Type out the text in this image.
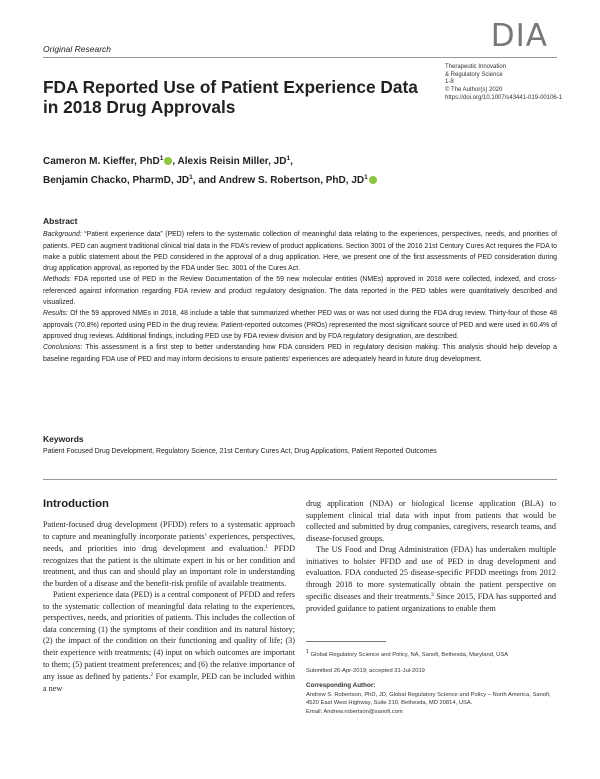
Original Research	DIA
Therapeutic Innovation
& Regulatory Science
1-8
© The Author(s) 2020
https://doi.org/10.1007/s43441-019-00106-1
FDA Reported Use of Patient Experience Data in 2018 Drug Approvals
Cameron M. Kieffer, PhD$^1$ , Alexis Reisin Miller, JD$^1$,
Benjamin Chacko, PharmD, JD$^1$, and Andrew S. Robertson, PhD, JD$^1$
Abstract

Background: “Patient experience data” (PED) refers to the systematic collection of meaningful data relating to the experiences, perspectives, needs, and priorities of patients. PED can augment traditional clinical trial data in the FDA’s review of product applications. Section 3001 of the 2016 21st Century Cures Act requires the FDA to make a public statement about the PED considered in the approval of a drug application. Here, we present one of the first assessments of PED consideration during drug application approval, as reported by the FDA under Sec. 3001 of the Cures Act.

Methods: FDA reported use of PED in the Review Documentation of the 59 new molecular entities (NMEs) approved in 2018 were collected, indexed, and cross-referenced against information regarding FDA review and product regulatory designation. The data reported in the PED tables were quantitatively described and visualized.

Results: Of the 59 approved NMEs in 2018, 48 include a table that summarized whether PED was or was not used during the FDA drug review. Thirty-four of those 48 approvals (70.8%) reported using PED in the drug review. Patient-reported outcomes (PROs) represented the most significant source of PED and were used in 60.4% of approved drug reviews. Additional findings, including PED use by FDA review division and by FDA regulatory designation, are described.

Conclusions: This assessment is a first step to better understanding how FDA considers PED in regulatory decision making. This analysis should help develop a baseline regarding FDA use of PED and may inform decisions to ensure patients’ experiences are adequately heard in future drug development.

Keywords

Patient Focused Drug Development, Regulatory Science, 21st Century Cures Act, Drug Applications, Patient Reported Outcomes

Introduction

Patient-focused drug development (PFDD) refers to a systematic approach to capture and meaningfully incorporate patients’ experiences, perspectives, needs, and priorities into drug development and evaluation.$^1$ PFDD recognizes that the patient is the ultimate expert in his or her condition and treatment, and thus can and should play an important role in understanding the burden of a disease and the benefit-risk profile of available treatments.

Patient experience data (PED) is a central component of PFDD and refers to the systematic collection of meaningful data relating to the experiences, perspectives, needs, and priorities of patients. This includes the collection of data concerning (1) the symptoms of their condition and its natural history; (2) the impact of the condition on their functioning and quality of life; (3) their experience with treatments; (4) input on which outcomes are important to them; (5) patient treatment preferences; and (6) the relative importance of any issue as defined by patients.$^2$ For example, PED can be included within a new

drug application (NDA) or biological license application (BLA) to supplement clinical trial data with input from patients that would be collected and submitted by drug companies, caregivers, research teams, and disease-focused groups.

The US Food and Drug Administration (FDA) has undertaken multiple initiatives to bolster PFDD and use of PED in drug development and evaluation. FDA conducted 25 disease-specific PFDD meetings from 2012 through 2018 to more systematically obtain the patient perspective on specific diseases and their treatments.$^3$ Since 2015, FDA has supported and provided guidance to patient organizations to enable them

$^1$ Global Regulatory Science and Policy, NA, Sanofi, Bethesda, Maryland, USA

Submitted 26-Apr-2019; accepted 31-Jul-2019

Corresponding Author:

Andrew S. Robertson, PhD, JD, Global Regulatory Science and Policy – North America, Sanofi, 4520 East West Highway, Suite 210, Bethesda, MD 20814, USA.

Email: Andrew.robertson@sanofi.com
